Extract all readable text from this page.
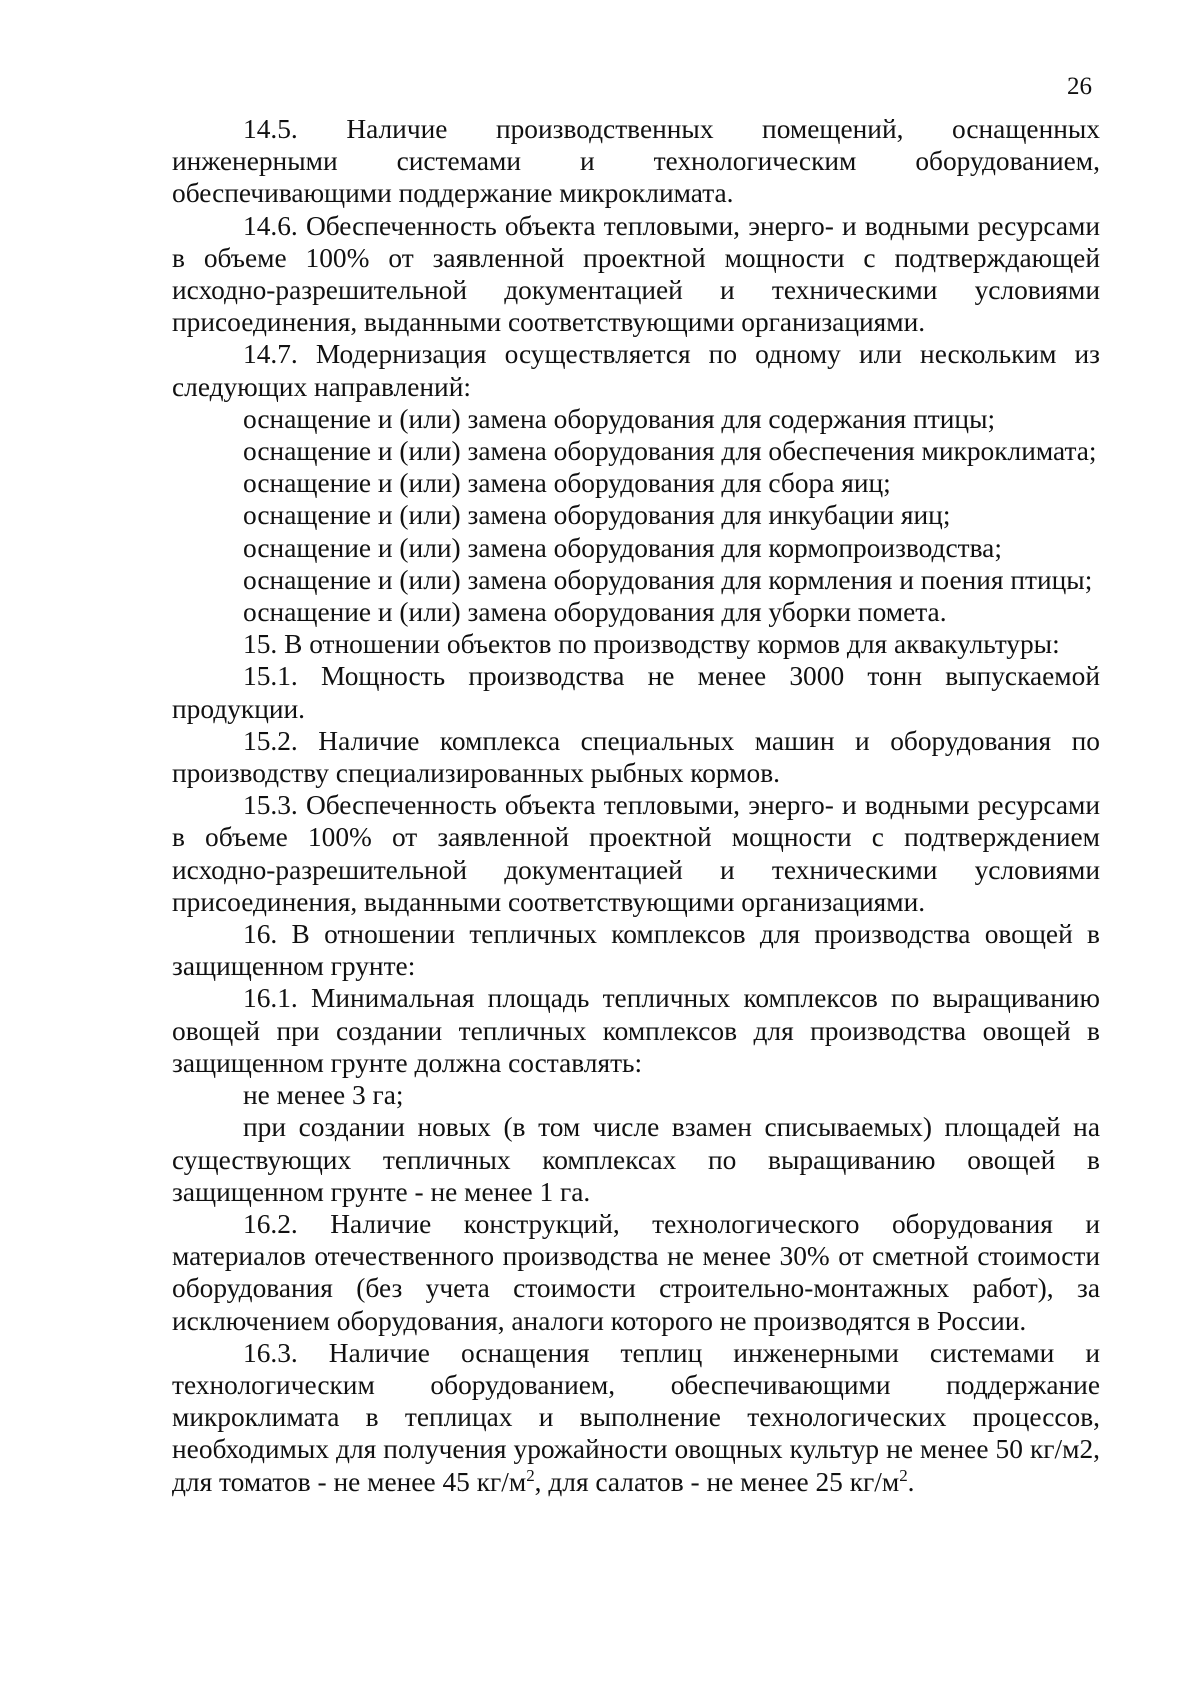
26

14.5. Наличие производственных помещений, оснащенных инженерными системами и технологическим оборудованием, обеспечивающими поддержание микроклимата.

14.6. Обеспеченность объекта тепловыми, энерго- и водными ресурсами в объеме 100% от заявленной проектной мощности с подтверждающей исходно-разрешительной документацией и техническими условиями присоединения, выданными соответствующими организациями.

14.7. Модернизация осуществляется по одному или нескольким из следующих направлений:

оснащение и (или) замена оборудования для содержания птицы;

оснащение и (или) замена оборудования для обеспечения микроклимата;

оснащение и (или) замена оборудования для сбора яиц;

оснащение и (или) замена оборудования для инкубации яиц;

оснащение и (или) замена оборудования для кормопроизводства;

оснащение и (или) замена оборудования для кормления и поения птицы;

оснащение и (или) замена оборудования для уборки помета.

15. В отношении объектов по производству кормов для аквакультуры:

15.1. Мощность производства не менее 3000 тонн выпускаемой продукции.

15.2. Наличие комплекса специальных машин и оборудования по производству специализированных рыбных кормов.

15.3. Обеспеченность объекта тепловыми, энерго- и водными ресурсами в объеме 100% от заявленной проектной мощности с подтверждением исходно-разрешительной документацией и техническими условиями присоединения, выданными соответствующими организациями.

16. В отношении тепличных комплексов для производства овощей в защищенном грунте:

16.1. Минимальная площадь тепличных комплексов по выращиванию овощей при создании тепличных комплексов для производства овощей в защищенном грунте должна составлять:

не менее 3 га;

при создании новых (в том числе взамен списываемых) площадей на существующих тепличных комплексах по выращиванию овощей в защищенном грунте - не менее 1 га.

16.2. Наличие конструкций, технологического оборудования и материалов отечественного производства не менее 30% от сметной стоимости оборудования (без учета стоимости строительно-монтажных работ), за исключением оборудования, аналоги которого не производятся в России.

16.3. Наличие оснащения теплиц инженерными системами и технологическим оборудованием, обеспечивающими поддержание микроклимата в теплицах и выполнение технологических процессов, необходимых для получения урожайности овощных культур не менее 50 кг/м2, для томатов - не менее 45 $кг/м^2$, для салатов - не менее 25 $кг/м^2$.
